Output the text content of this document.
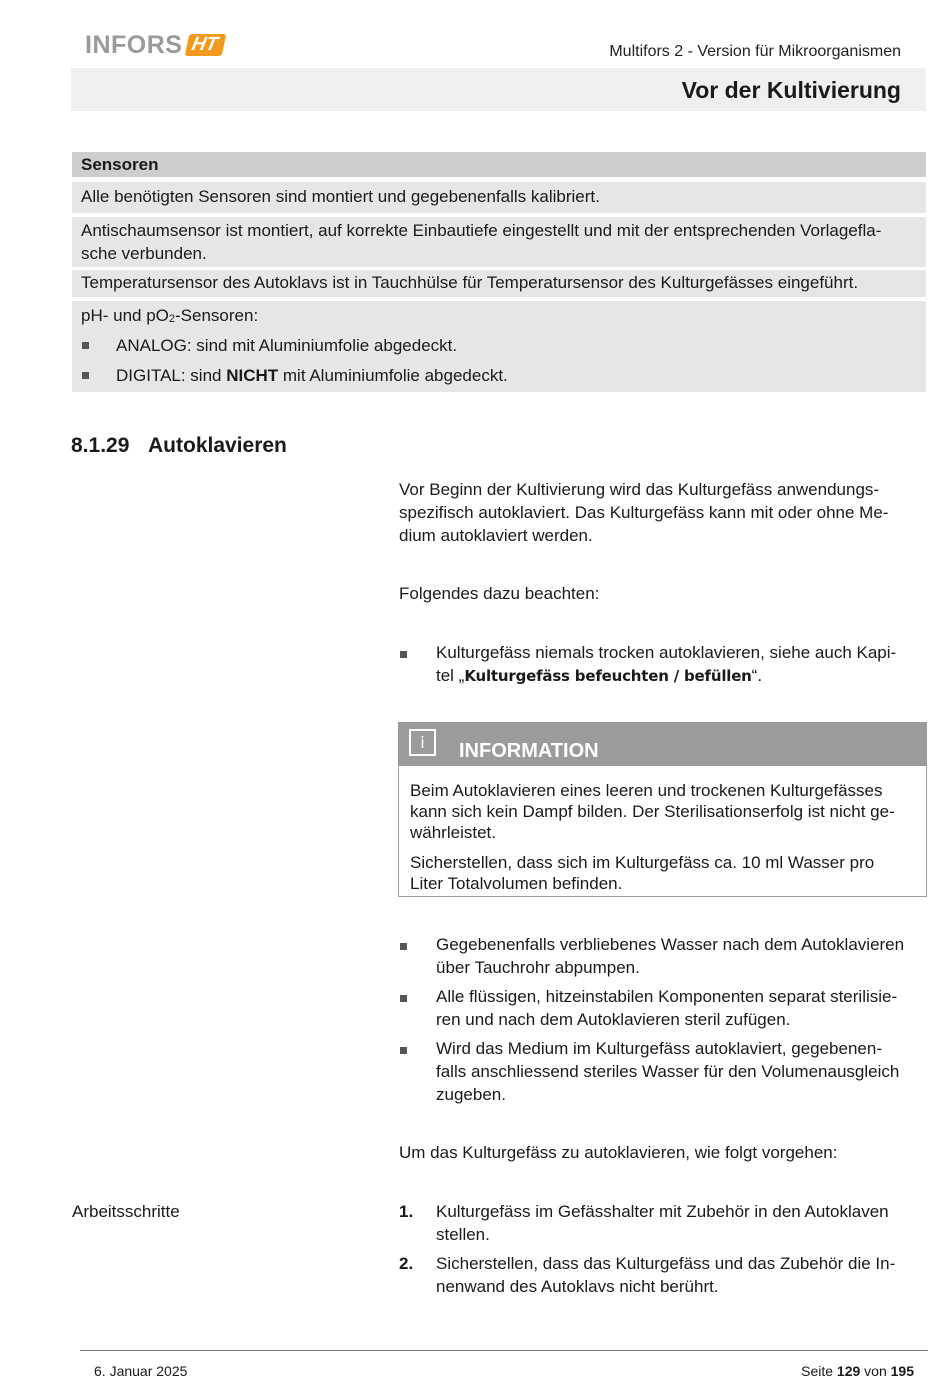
INFORS HT	Multifors 2 - Version für Mikroorganismen
Vor der Kultivierung
Sensoren
Alle benötigten Sensoren sind montiert und gegebenenfalls kalibriert.
Antischaumsensor ist montiert, auf korrekte Einbautiefe eingestellt und mit der entsprechenden Vorlagefla-
sche verbunden.
Temperatursensor des Autoklavs ist in Tauchhülse für Temperatursensor des Kulturgefässes eingeführt.
pH- und $pO_2$-Sensoren:
ANALOG: sind mit Aluminiumfolie abgedeckt.
DIGITAL: sind NICHT mit Aluminiumfolie abgedeckt.
8.1.29 Autoklavieren
Vor Beginn der Kultivierung wird das Kulturgefäss anwendungs-
spezifisch autoklaviert. Das Kulturgefäss kann mit oder ohne Me-
dium autoklaviert werden.
Folgendes dazu beachten:
Kulturgefäss niemals trocken autoklavieren, siehe auch Kapi-
tel „Kulturgefäss befeuchten / befüllen“.
i	INFORMATION

Beim Autoklavieren eines leeren und trockenen Kulturgefässes
kann sich kein Dampf bilden. Der Sterilisationserfolg ist nicht ge-
währleistet.

Sicherstellen, dass sich im Kulturgefäss ca. 10 ml Wasser pro
Liter Totalvolumen befinden.

Gegebenenfalls verbliebenes Wasser nach dem Autoklavieren
über Tauchrohr abpumpen.
Alle flüssigen, hitzeinstabilen Komponenten separat sterilisie-
ren und nach dem Autoklavieren steril zufügen.
Wird das Medium im Kulturgefäss autoklaviert, gegebenen-
falls anschliessend steriles Wasser für den Volumenausgleich
zugeben.
Um das Kulturgefäss zu autoklavieren, wie folgt vorgehen:
Arbeitsschritte	1.	Kulturgefäss im Gefässhalter mit Zubehör in den Autoklaven
stellen.
2.	Sicherstellen, dass das Kulturgefäss und das Zubehör die In-
nenwand des Autoklavs nicht berührt.
6. Januar 2025	Seite 129 von 195
